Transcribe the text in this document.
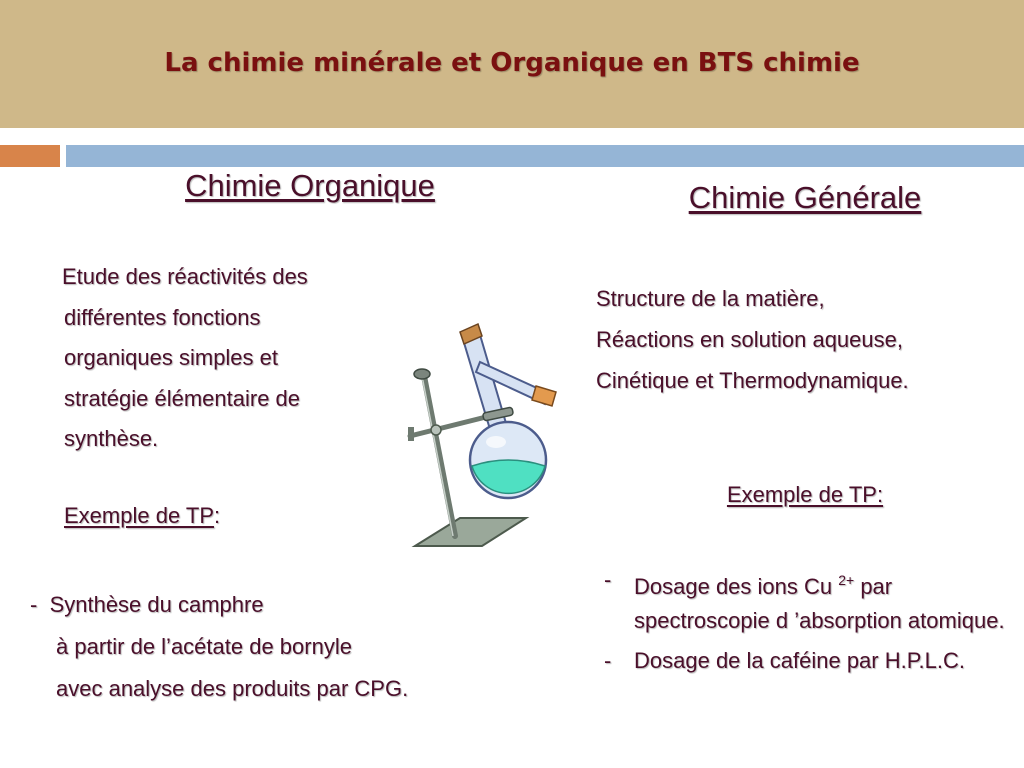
La chimie minérale et Organique en BTS chimie
Chimie Organique
Etude des réactivités des
différentes fonctions
organiques simples et
stratégie élémentaire de
synthèse.
Exemple de TP:
- Synthèse du camphre
à partir de l’acétate de bornyle
avec analyse des produits par CPG.
Chimie Générale
Structure de la matière,
Réactions en solution aqueuse,
Cinétique et Thermodynamique.
Exemple de TP:
- Dosage des ions Cu $^{2+}$ par spectroscopie d ’absorption atomique.
- Dosage de la caféine par H.P.L.C.
